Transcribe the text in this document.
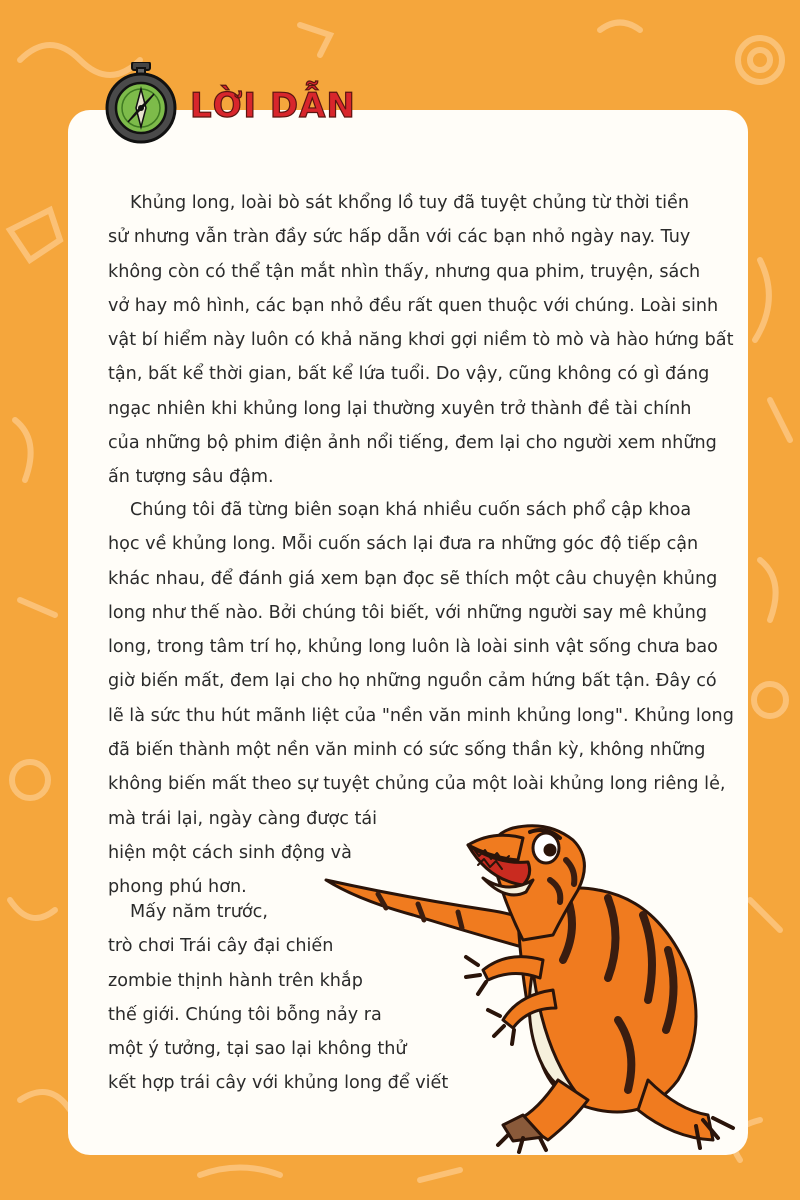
LỜI DẪN

Khủng long, loài bò sát khổng lồ tuy đã tuyệt chủng từ thời tiền
sử nhưng vẫn tràn đầy sức hấp dẫn với các bạn nhỏ ngày nay. Tuy
không còn có thể tận mắt nhìn thấy, nhưng qua phim, truyện, sách
vở hay mô hình, các bạn nhỏ đều rất quen thuộc với chúng. Loài sinh
vật bí hiểm này luôn có khả năng khơi gợi niềm tò mò và hào hứng bất
tận, bất kể thời gian, bất kể lứa tuổi. Do vậy, cũng không có gì đáng
ngạc nhiên khi khủng long lại thường xuyên trở thành đề tài chính
của những bộ phim điện ảnh nổi tiếng, đem lại cho người xem những
ấn tượng sâu đậm.

Chúng tôi đã từng biên soạn khá nhiều cuốn sách phổ cập khoa
học về khủng long. Mỗi cuốn sách lại đưa ra những góc độ tiếp cận
khác nhau, để đánh giá xem bạn đọc sẽ thích một câu chuyện khủng
long như thế nào. Bởi chúng tôi biết, với những người say mê khủng
long, trong tâm trí họ, khủng long luôn là loài sinh vật sống chưa bao
giờ biến mất, đem lại cho họ những nguồn cảm hứng bất tận. Đây có
lẽ là sức thu hút mãnh liệt của "nền văn minh khủng long". Khủng long
đã biến thành một nền văn minh có sức sống thần kỳ, không những
không biến mất theo sự tuyệt chủng của một loài khủng long riêng lẻ,
mà trái lại, ngày càng được tái
hiện một cách sinh động và
phong phú hơn.

Mấy năm trước,
trò chơi Trái cây đại chiến
zombie thịnh hành trên khắp
thế giới. Chúng tôi bỗng nảy ra
một ý tưởng, tại sao lại không thử
kết hợp trái cây với khủng long để viết
